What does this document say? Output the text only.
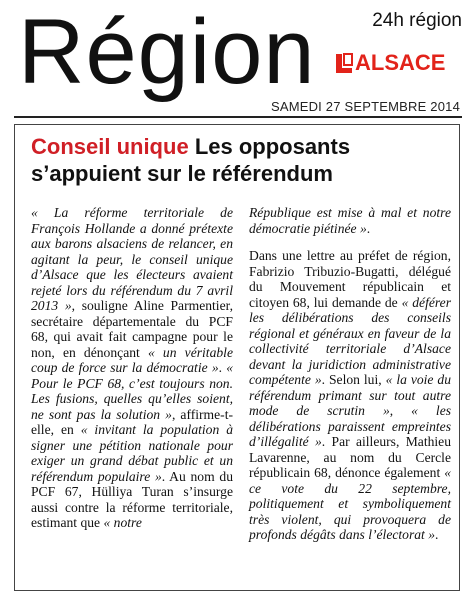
Région	24h région
ALSACE
SAMEDI 27 SEPTEMBRE 2014
Conseil unique Les opposants s’appuient sur le référendum

« La réforme territoriale de François Hollande a donné prétexte aux barons alsaciens de relancer, en agitant la peur, le conseil unique d’Alsace que les électeurs avaient rejeté lors du référendum du 7 avril 2013 », souligne Aline Parmentier, secrétaire départementale du PCF 68, qui avait fait campagne pour le non, en dénonçant « un véritable coup de force sur la démocratie ». « Pour le PCF 68, c’est toujours non. Les fusions, quelles qu’elles soient, ne sont pas la solution », affirme-t-elle, en « invitant la population à signer une pétition nationale pour exiger un grand débat public et un référendum populaire ». Au nom du PCF 67, Hülliya Turan s’insurge aussi contre la réforme territoriale, estimant que « notre

République est mise à mal et notre démocratie piétinée ».

Dans une lettre au préfet de région, Fabrizio Tribuzio-Bugatti, délégué du Mouvement républicain et citoyen 68, lui demande de « déférer les délibérations des conseils régional et généraux en faveur de la collectivité territoriale d’Alsace devant la juridiction administrative compétente ». Selon lui, « la voie du référendum primant sur tout autre mode de scrutin », « les délibérations paraissent empreintes d’illégalité ». Par ailleurs, Mathieu Lavarenne, au nom du Cercle républicain 68, dénonce également « ce vote du 22 septembre, politiquement et symboliquement très violent, qui provoquera de profonds dégâts dans l’électorat ».
